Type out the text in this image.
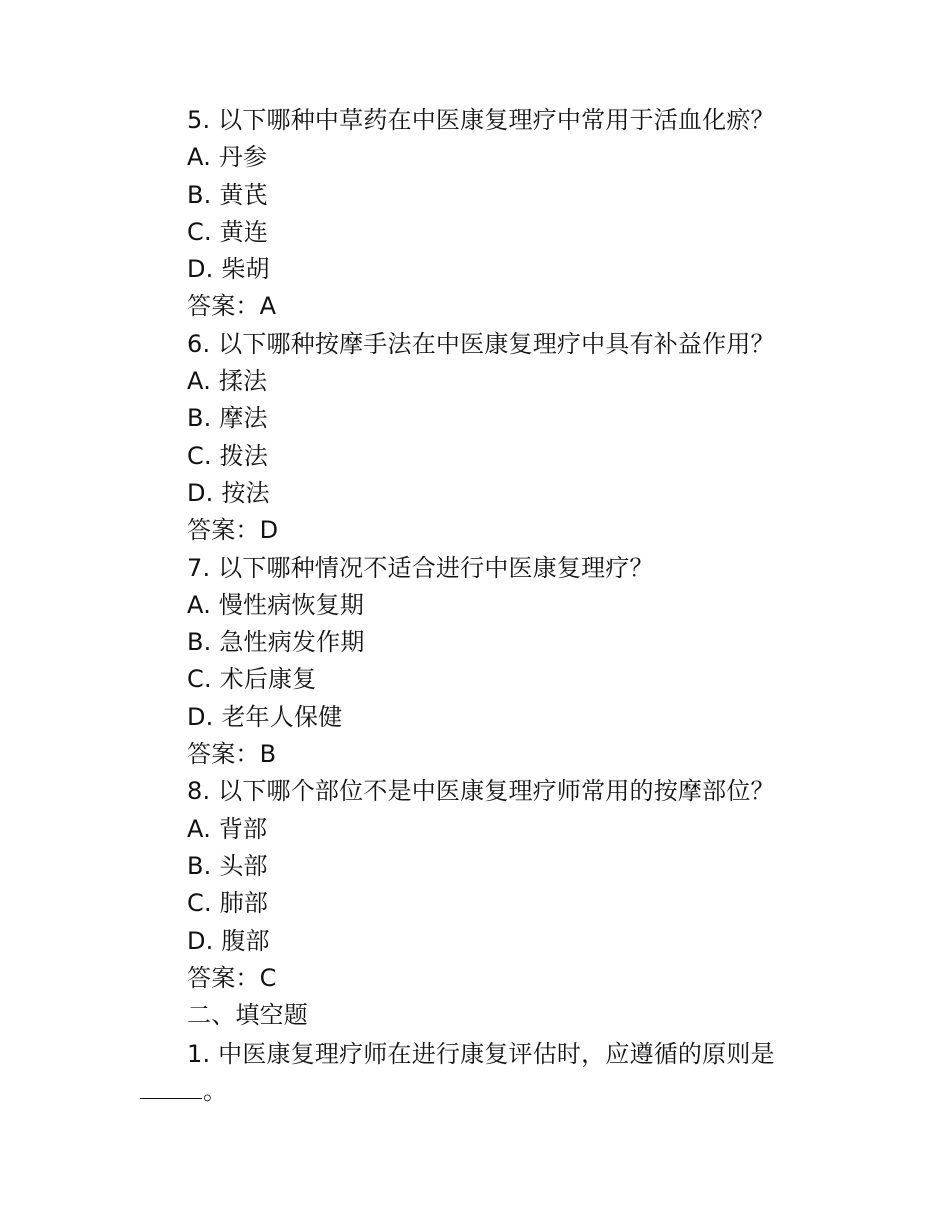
5. 以下哪种中草药在中医康复理疗中常用于活血化瘀？
A. 丹参
B. 黄芪
C. 黄连
D. 柴胡
答案：A
6. 以下哪种按摩手法在中医康复理疗中具有补益作用？
A. 揉法
B. 摩法
C. 拨法
D. 按法
答案：D
7. 以下哪种情况不适合进行中医康复理疗？
A. 慢性病恢复期
B. 急性病发作期
C. 术后康复
D. 老年人保健
答案：B
8. 以下哪个部位不是中医康复理疗师常用的按摩部位？
A. 背部
B. 头部
C. 肺部
D. 腹部
答案：C
二、填空题
1. 中医康复理疗师在进行康复评估时，应遵循的原则是
。
